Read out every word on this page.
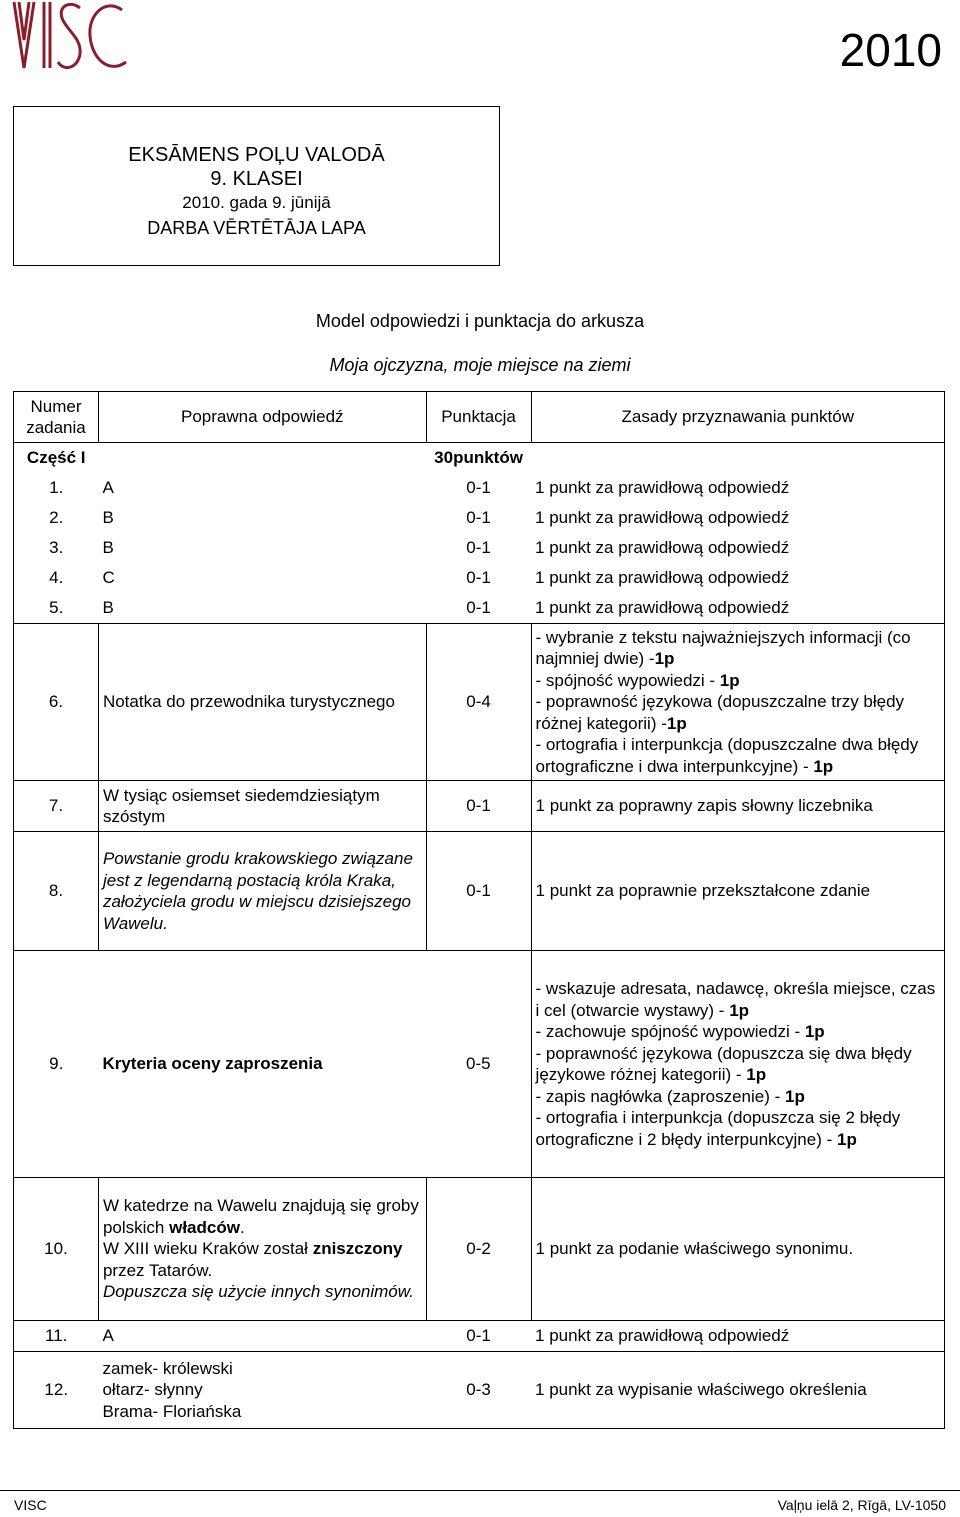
VISC
2010
EKSĀMENS POĻU VALODĀ
9. KLASEI
2010. gada 9. jūnijā
DARBA VĒRTĒTĀJA LAPA
Model odpowiedzi i punktacja do arkusza
Moja ojczyzna, moje miejsce na ziemi
Numer zadania	Poprawna odpowiedź	Punktacja	Zasady przyznawania punktów
Część I		30punktów	
1.	A	0-1	1 punkt za prawidłową odpowiedź
2.	B	0-1	1 punkt za prawidłową odpowiedź
3.	B	0-1	1 punkt za prawidłową odpowiedź
4.	C	0-1	1 punkt za prawidłową odpowiedź
5.	B	0-1	1 punkt za prawidłową odpowiedź
6.	Notatka do przewodnika turystycznego	0-4	- wybranie z tekstu najważniejszych informacji (co najmniej dwie) -1p
- spójność wypowiedzi - 1p
- poprawność językowa (dopuszczalne trzy błędy różnej kategorii) -1p
- ortografia i interpunkcja (dopuszczalne dwa błędy ortograficzne i dwa interpunkcyjne) - 1p
7.	W tysiąc osiemset siedemdziesiątym szóstym	0-1	1 punkt za poprawny zapis słowny liczebnika
8.	Powstanie grodu krakowskiego związane jest z legendarną postacią króla Kraka, założyciela grodu w miejscu dzisiejszego Wawelu.	0-1	1 punkt za poprawnie przekształcone zdanie
9.	Kryteria oceny zaproszenia	0-5	- wskazuje adresata, nadawcę, określa miejsce, czas i cel (otwarcie wystawy) - 1p
- zachowuje spójność wypowiedzi - 1p
- poprawność językowa (dopuszcza się dwa błędy językowe różnej kategorii) - 1p
- zapis nagłówka (zaproszenie) - 1p
- ortografia i interpunkcja (dopuszcza się 2 błędy ortograficzne i 2 błędy interpunkcyjne) - 1p
10.	W katedrze na Wawelu znajdują się groby polskich władców.
W XIII wieku Kraków został zniszczony przez Tatarów.
Dopuszcza się użycie innych synonimów.	0-2	1 punkt za podanie właściwego synonimu.
11.	A	0-1	1 punkt za prawidłową odpowiedź
12.	zamek- królewski
ołtarz- słynny
Brama- Floriańska	0-3	1 punkt za wypisanie właściwego określenia
VISC	Vaļņu ielā 2, Rīgā, LV-1050
